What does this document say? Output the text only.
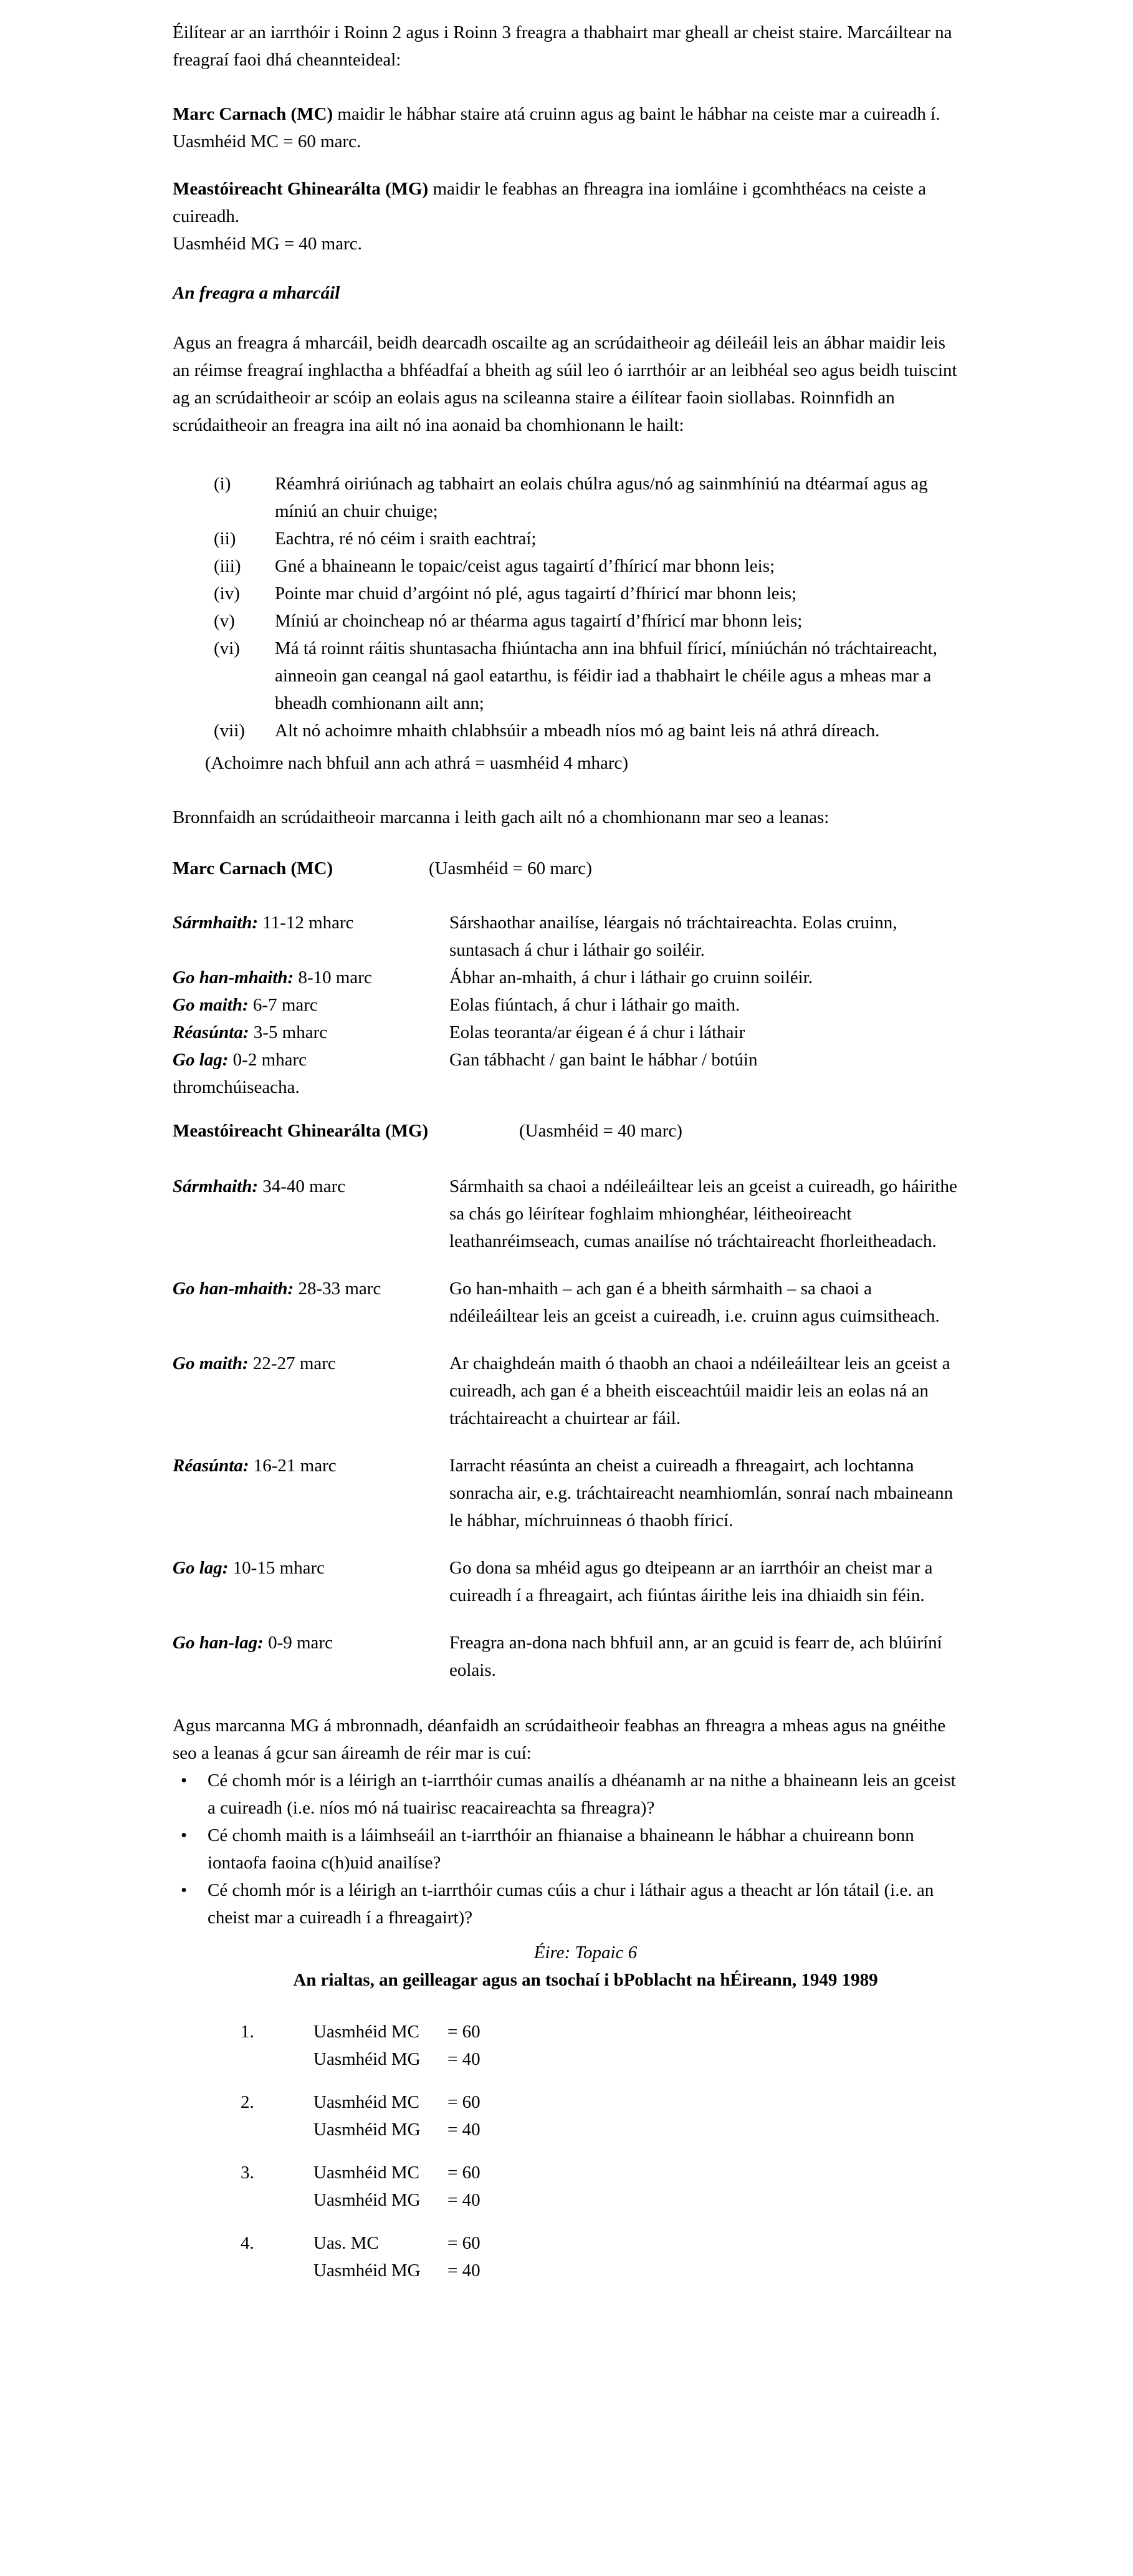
Éilítear ar an iarrthóir i Roinn 2 agus i Roinn 3 freagra a thabhairt mar gheall ar cheist staire. Marcáiltear na freagraí faoi dhá cheannteideal:

Marc Carnach (MC) maidir le hábhar staire atá cruinn agus ag baint le hábhar na ceiste mar a cuireadh í.
Uasmhéid MC = 60 marc.

Meastóireacht Ghinearálta (MG) maidir le feabhas an fhreagra ina iomláine i gcomhthéacs na ceiste a cuireadh.
Uasmhéid MG = 40 marc.

An freagra a mharcáil

Agus an freagra á mharcáil, beidh dearcadh oscailte ag an scrúdaitheoir ag déileáil leis an ábhar maidir leis an réimse freagraí inghlactha a bhféadfaí a bheith ag súil leo ó iarrthóir ar an leibhéal seo agus beidh tuiscint ag an scrúdaitheoir ar scóip an eolais agus na scileanna staire a éilítear faoin siollabas. Roinnfidh an scrúdaitheoir an freagra ina ailt nó ina aonaid ba chomhionann le hailt:

(i)	Réamhrá oiriúnach ag tabhairt an eolais chúlra agus/nó ag sainmhíniú na dtéarmaí agus ag míniú an chuir chuige;
(ii)	Eachtra, ré nó céim i sraith eachtraí;
(iii)	Gné a bhaineann le topaic/ceist agus tagairtí d’fhíricí mar bhonn leis;
(iv)	Pointe mar chuid d’argóint nó plé, agus tagairtí d’fhíricí mar bhonn leis;
(v)	Míniú ar choincheap nó ar théarma agus tagairtí d’fhíricí mar bhonn leis;
(vi)	Má tá roinnt ráitis shuntasacha fhiúntacha ann ina bhfuil fíricí, míniúchán nó tráchtaireacht, ainneoin gan ceangal ná gaol eatarthu, is féidir iad a thabhairt le chéile agus a mheas mar a bheadh comhionann ailt ann;
(vii)	Alt nó achoimre mhaith chlabhsúir a mbeadh níos mó ag baint leis ná athrá díreach.

(Achoimre nach bhfuil ann ach athrá = uasmhéid 4 mharc)

Bronnfaidh an scrúdaitheoir marcanna i leith gach ailt nó a chomhionann mar seo a leanas:

Marc Carnach (MC)	(Uasmhéid = 60 marc)
Sármhaith: 11-12 mharc	Sárshaothar anailíse, léargais nó tráchtaireachta. Eolas cruinn, suntasach á chur i láthair go soiléir.
Go han-mhaith: 8-10 marc	Ábhar an-mhaith, á chur i láthair go cruinn soiléir.
Go maith: 6-7 marc	Eolas fiúntach, á chur i láthair go maith.
Réasúnta: 3-5 mharc	Eolas teoranta/ar éigean é á chur i láthair
Go lag: 0-2 mharc	Gan tábhacht / gan baint le hábhar / botúin

thromchúiseacha.

Meastóireacht Ghinearálta (MG)	(Uasmhéid = 40 marc)
Sármhaith: 34-40 marc	Sármhaith sa chaoi a ndéileáiltear leis an gceist a cuireadh, go háirithe sa chás go léirítear foghlaim mhionghéar, léitheoireacht leathanréimseach, cumas anailíse nó tráchtaireacht fhorleitheadach.
Go han-mhaith: 28-33 marc	Go han-mhaith – ach gan é a bheith sármhaith – sa chaoi a ndéileáiltear leis an gceist a cuireadh, i.e. cruinn agus cuimsitheach.
Go maith: 22-27 marc	Ar chaighdeán maith ó thaobh an chaoi a ndéileáiltear leis an gceist a cuireadh, ach gan é a bheith eisceachtúil maidir leis an eolas ná an tráchtaireacht a chuirtear ar fáil.
Réasúnta: 16-21 marc	Iarracht réasúnta an cheist a cuireadh a fhreagairt, ach lochtanna sonracha air, e.g. tráchtaireacht neamhiomlán, sonraí nach mbaineann le hábhar, míchruinneas ó thaobh fíricí.
Go lag: 10-15 mharc	Go dona sa mhéid agus go dteipeann ar an iarrthóir an cheist mar a cuireadh í a fhreagairt, ach fiúntas áirithe leis ina dhiaidh sin féin.
Go han-lag: 0-9 marc	Freagra an-dona nach bhfuil ann, ar an gcuid is fearr de, ach blúiríní eolais.

Agus marcanna MG á mbronnadh, déanfaidh an scrúdaitheoir feabhas an fhreagra a mheas agus na gnéithe seo a leanas á gcur san áireamh de réir mar is cuí:

•	Cé chomh mór is a léirigh an t-iarrthóir cumas anailís a dhéanamh ar na nithe a bhaineann leis an gceist a cuireadh (i.e. níos mó ná tuairisc reacaireachta sa fhreagra)?
•	Cé chomh maith is a láimhseáil an t-iarrthóir an fhianaise a bhaineann le hábhar a chuireann bonn iontaofa faoina c(h)uid anailíse?
•	Cé chomh mór is a léirigh an t-iarrthóir cumas cúis a chur i láthair agus a theacht ar lón tátail (i.e. an cheist mar a cuireadh í a fhreagairt)?
Éire: Topaic 6
An rialtas, an geilleagar agus an tsochaí i bPoblacht na hÉireann, 1949 1989
1.	Uasmhéid MC	= 60
Uasmhéid MG	= 40
2.	Uasmhéid MC	= 60
Uasmhéid MG	= 40
3.	Uasmhéid MC	= 60
Uasmhéid MG	= 40
4.	Uas. MC	= 60
Uasmhéid MG	= 40
